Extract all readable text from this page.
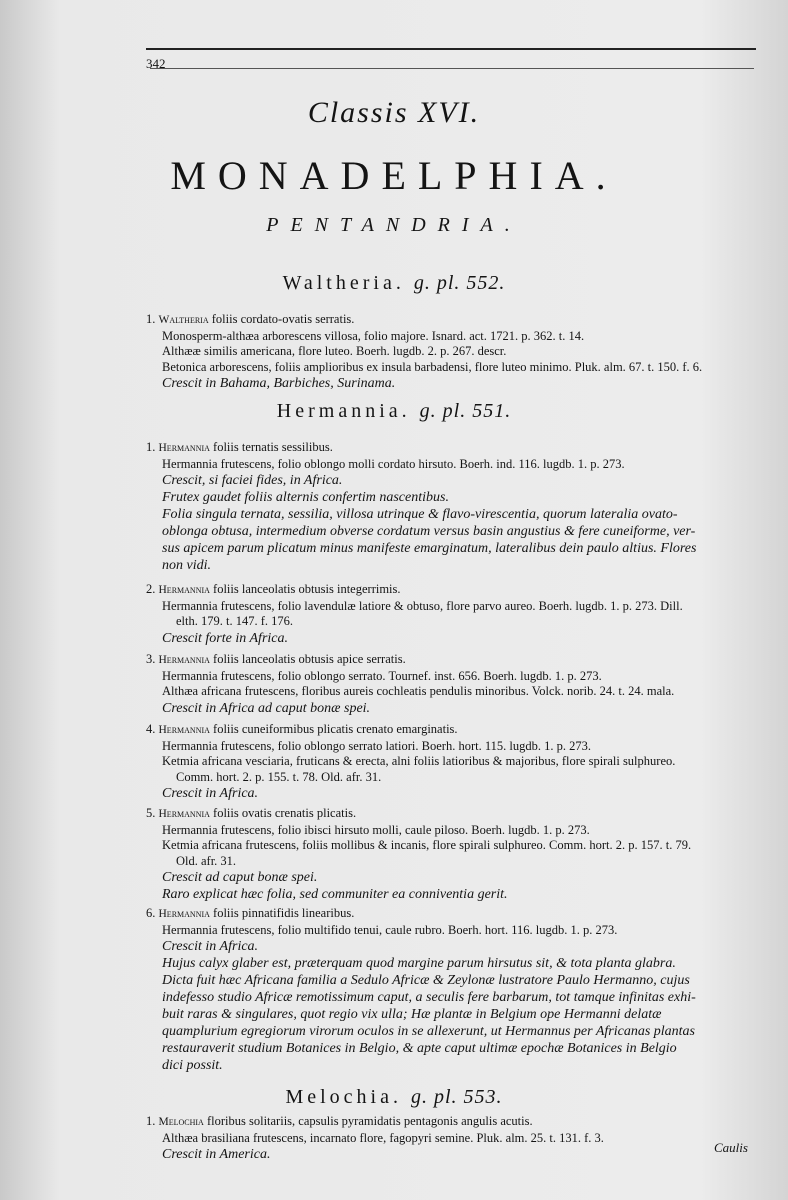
342
Classis XVI.
MONADELPHIA.
PENTANDRIA.
Waltheria. g. pl. 552.

1. Waltheria foliis cordato-ovatis serratis.

Monosperm-althæa arborescens villosa, folio majore. Isnard. act. 1721. p. 362. t. 14.

Althææ similis americana, flore luteo. Boerh. lugdb. 2. p. 267. descr.

Betonica arborescens, foliis amplioribus ex insula barbadensi, flore luteo minimo. Pluk. alm. 67. t. 150. f. 6.

Crescit in Bahama, Barbiches, Surinama.

Hermannia. g. pl. 551.

1. Hermannia foliis ternatis sessilibus.

Hermannia frutescens, folio oblongo molli cordato hirsuto. Boerh. ind. 116. lugdb. 1. p. 273.

Crescit, si faciei fides, in Africa.

Frutex gaudet foliis alternis confertim nascentibus.

Folia singula ternata, sessilia, villosa utrinque & flavo-virescentia, quorum lateralia ovato-

oblonga obtusa, intermedium obverse cordatum versus basin angustius & fere cuneiforme, ver-

sus apicem parum plicatum minus manifeste emarginatum, lateralibus dein paulo altius. Flores

non vidi.

2. Hermannia foliis lanceolatis obtusis integerrimis.

Hermannia frutescens, folio lavendulæ latiore & obtuso, flore parvo aureo. Boerh. lugdb. 1. p. 273. Dill.

elth. 179. t. 147. f. 176.

Crescit forte in Africa.

3. Hermannia foliis lanceolatis obtusis apice serratis.

Hermannia frutescens, folio oblongo serrato. Tournef. inst. 656. Boerh. lugdb. 1. p. 273.

Althæa africana frutescens, floribus aureis cochleatis pendulis minoribus. Volck. norib. 24. t. 24. mala.

Crescit in Africa ad caput bonæ spei.

4. Hermannia foliis cuneiformibus plicatis crenato emarginatis.

Hermannia frutescens, folio oblongo serrato latiori. Boerh. hort. 115. lugdb. 1. p. 273.

Ketmia africana vesciaria, fruticans & erecta, alni foliis latioribus & majoribus, flore spirali sulphureo.

Comm. hort. 2. p. 155. t. 78. Old. afr. 31.

Crescit in Africa.

5. Hermannia foliis ovatis crenatis plicatis.

Hermannia frutescens, folio ibisci hirsuto molli, caule piloso. Boerh. lugdb. 1. p. 273.

Ketmia africana frutescens, foliis mollibus & incanis, flore spirali sulphureo. Comm. hort. 2. p. 157. t. 79.

Old. afr. 31.

Crescit ad caput bonæ spei.

Raro explicat hæc folia, sed communiter ea conniventia gerit.

6. Hermannia foliis pinnatifidis linearibus.

Hermannia frutescens, folio multifido tenui, caule rubro. Boerh. hort. 116. lugdb. 1. p. 273.

Crescit in Africa.

Hujus calyx glaber est, præterquam quod margine parum hirsutus sit, & tota planta glabra.

Dicta fuit hæc Africana familia a Sedulo Africæ & Zeylonæ lustratore Paulo Hermanno, cujus

indefesso studio Africæ remotissimum caput, a seculis fere barbarum, tot tamque infinitas exhi-

buit raras & singulares, quot regio vix ulla; Hæ plantæ in Belgium ope Hermanni delatæ

quamplurium egregiorum virorum oculos in se allexerunt, ut Hermannus per Africanas plantas

restauraverit studium Botanices in Belgio, & apte caput ultimæ epochæ Botanices in Belgio

dici possit.

Melochia. g. pl. 553.

1. Melochia floribus solitariis, capsulis pyramidatis pentagonis angulis acutis.

Althæa brasiliana frutescens, incarnato flore, fagopyri semine. Pluk. alm. 25. t. 131. f. 3.

Crescit in America.	Caulis
